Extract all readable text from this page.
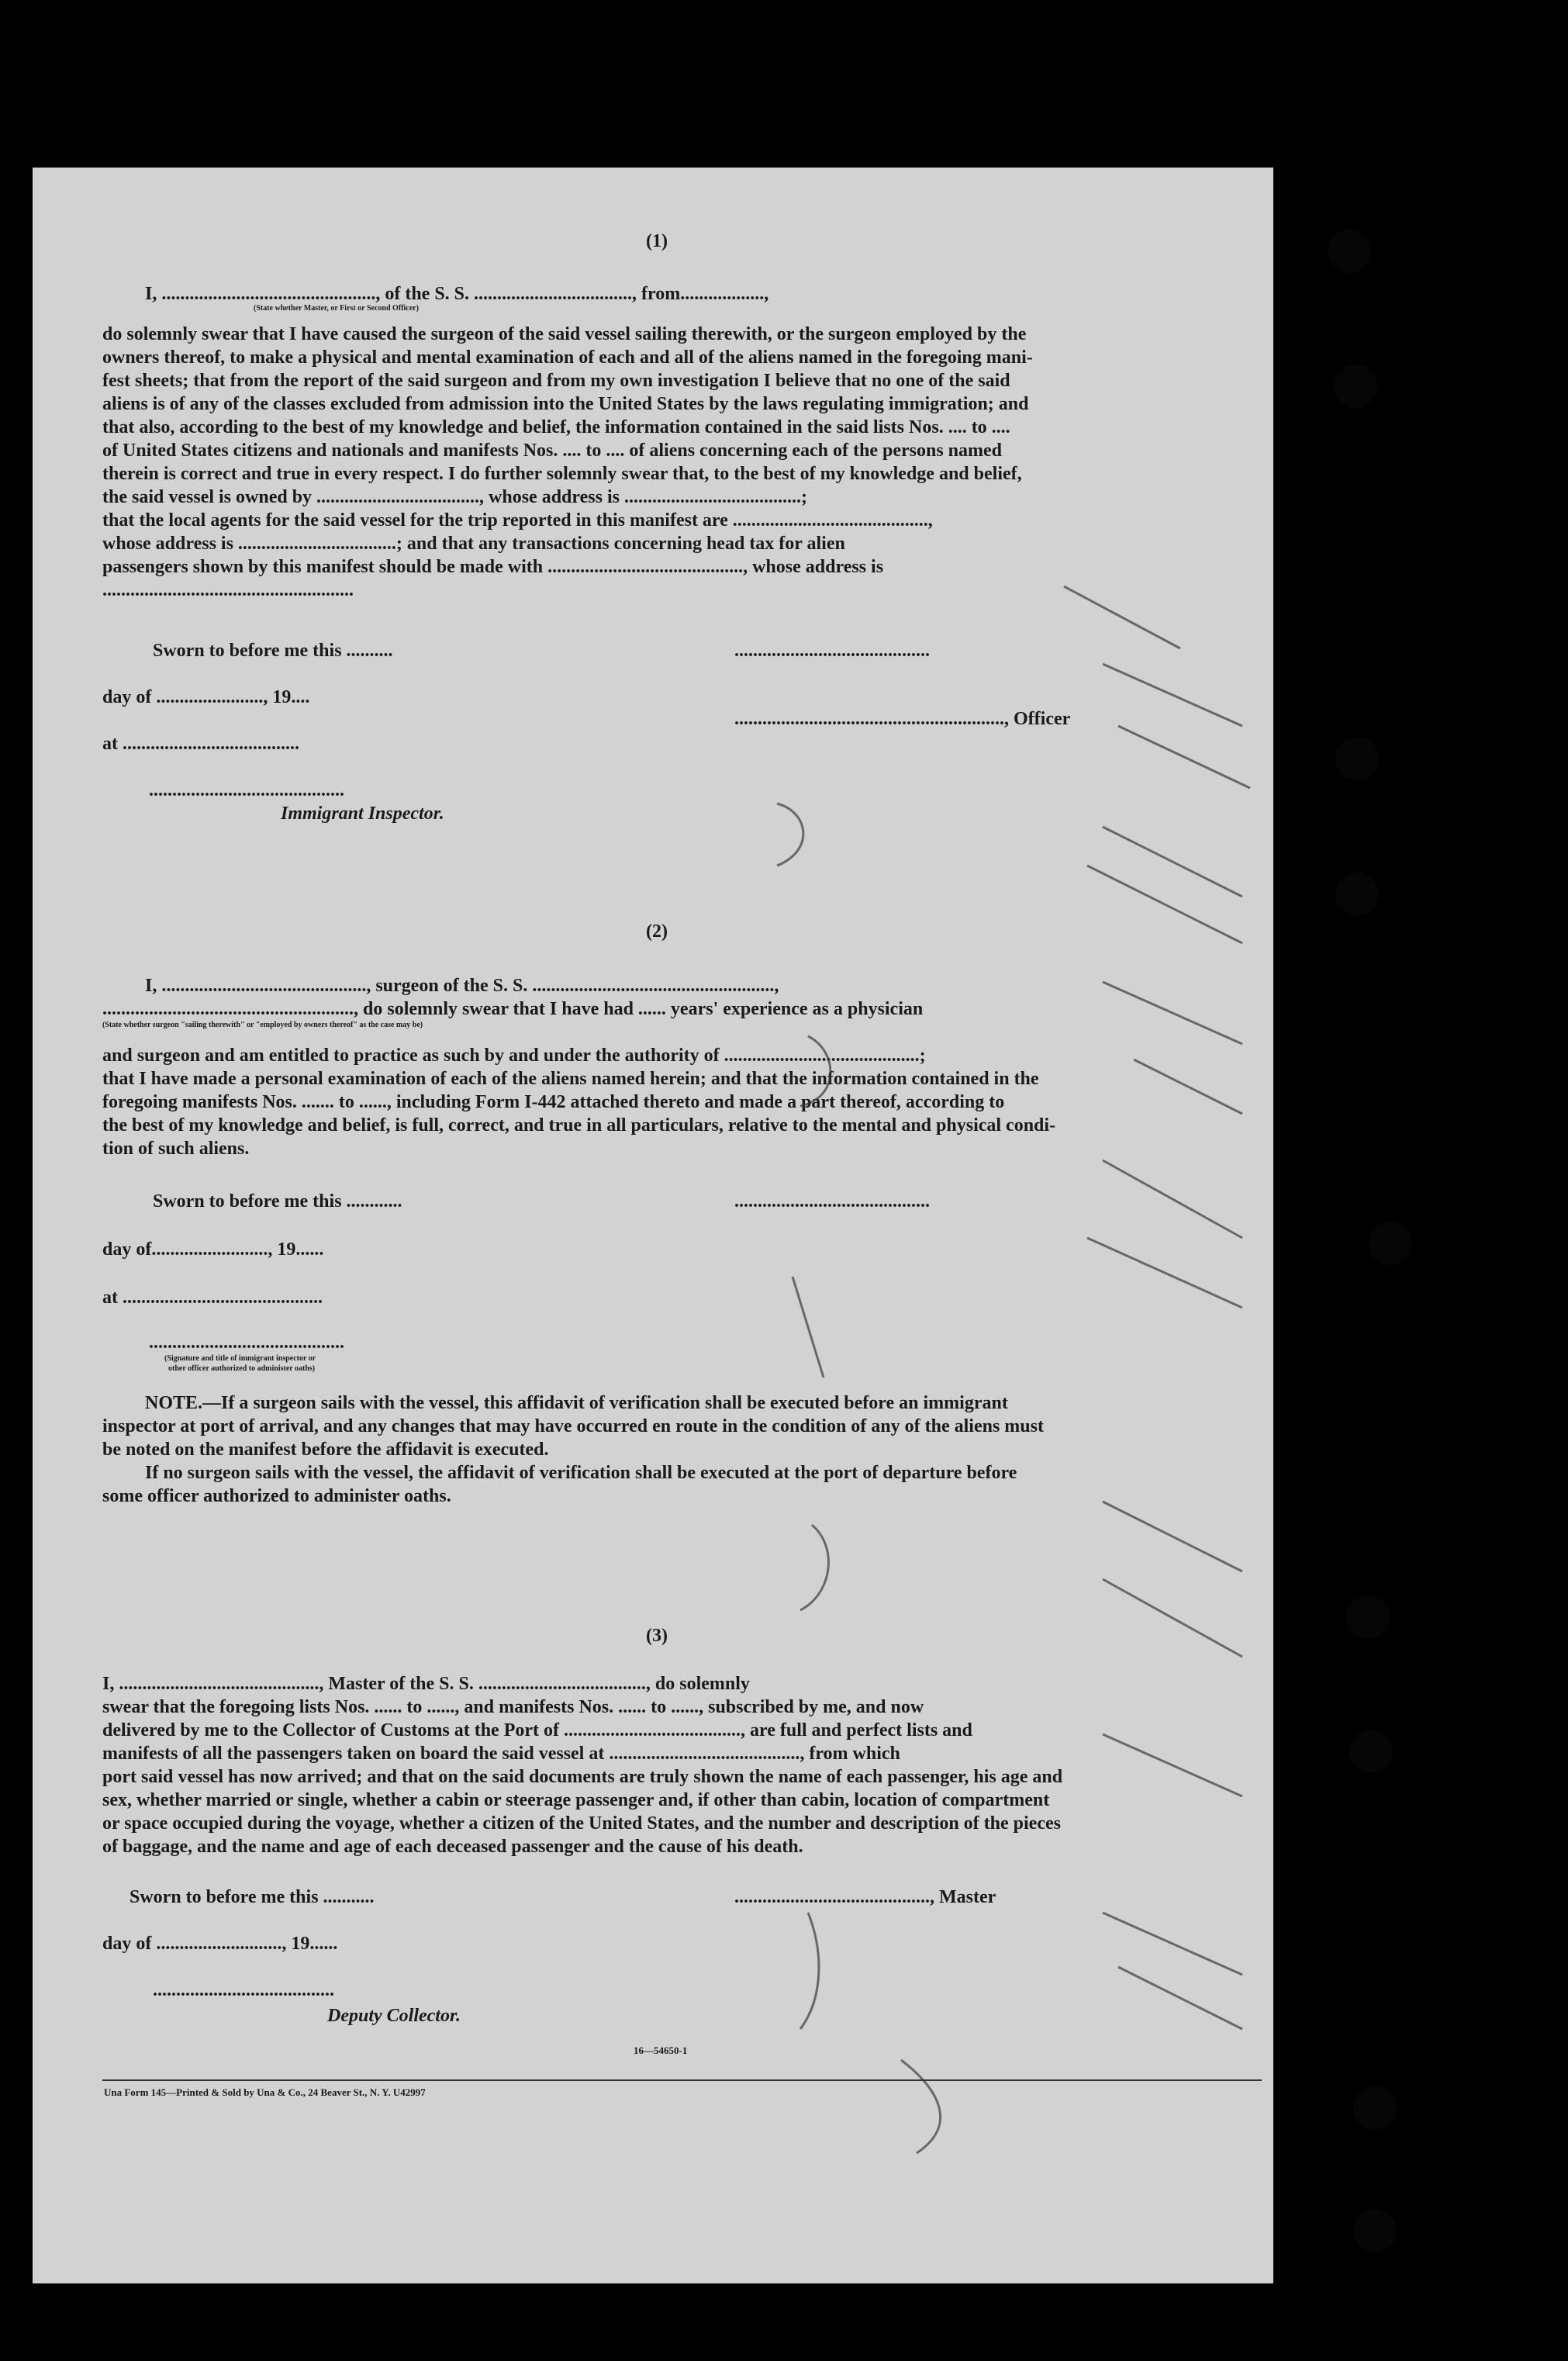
(1)
I, .............................................., of the S. S. .................................., from..................,
(State whether Master, or First or Second Officer)
do solemnly swear that I have caused the surgeon of the said vessel sailing therewith, or the surgeon employed by the
owners thereof, to make a physical and mental examination of each and all of the aliens named in the foregoing mani-
fest sheets; that from the report of the said surgeon and from my own investigation I believe that no one of the said
aliens is of any of the classes excluded from admission into the United States by the laws regulating immigration; and
that also, according to the best of my knowledge and belief, the information contained in the said lists Nos. .... to ....
of United States citizens and nationals and manifests Nos. .... to .... of aliens concerning each of the persons named
therein is correct and true in every respect. I do further solemnly swear that, to the best of my knowledge and belief,
the said vessel is owned by ..................................., whose address is ......................................;
that the local agents for the said vessel for the trip reported in this manifest are ..........................................,
whose address is ..................................; and that any transactions concerning head tax for alien
passengers shown by this manifest should be made with .........................................., whose address is
......................................................
Sworn to before me this ..........	..........................................
day of ......................., 19....
.........................................................., Officer
at ......................................
..........................................
Immigrant Inspector.
(2)
I, ............................................, surgeon of the S. S. ....................................................,
......................................................, do solemnly swear that I have had ...... years' experience as a physician
(State whether surgeon "sailing therewith" or "employed by owners thereof" as the case may be)
and surgeon and am entitled to practice as such by and under the authority of ..........................................;
that I have made a personal examination of each of the aliens named herein; and that the information contained in the
foregoing manifests Nos. ....... to ......, including Form I-442 attached thereto and made a part thereof, according to
the best of my knowledge and belief, is full, correct, and true in all particulars, relative to the mental and physical condi-
tion of such aliens.
Sworn to before me this ............	..........................................
day of........................., 19......
at ...........................................
..........................................
(Signature and title of immigrant inspector or
other officer authorized to administer oaths)
NOTE.—If a surgeon sails with the vessel, this affidavit of verification shall be executed before an immigrant
inspector at port of arrival, and any changes that may have occurred en route in the condition of any of the aliens must
be noted on the manifest before the affidavit is executed.
If no surgeon sails with the vessel, the affidavit of verification shall be executed at the port of departure before
some officer authorized to administer oaths.
(3)
I, ..........................................., Master of the S. S. ...................................., do solemnly
swear that the foregoing lists Nos. ...... to ......, and manifests Nos. ...... to ......, subscribed by me, and now
delivered by me to the Collector of Customs at the Port of ......................................, are full and perfect lists and
manifests of all the passengers taken on board the said vessel at ........................................., from which
port said vessel has now arrived; and that on the said documents are truly shown the name of each passenger, his age and
sex, whether married or single, whether a cabin or steerage passenger and, if other than cabin, location of compartment
or space occupied during the voyage, whether a citizen of the United States, and the number and description of the pieces
of baggage, and the name and age of each deceased passenger and the cause of his death.
Sworn to before me this ...........	.........................................., Master
day of ..........................., 19......
.......................................
Deputy Collector.
16—54650-1
Una Form 145—Printed & Sold by Una & Co., 24 Beaver St., N. Y. U42997
